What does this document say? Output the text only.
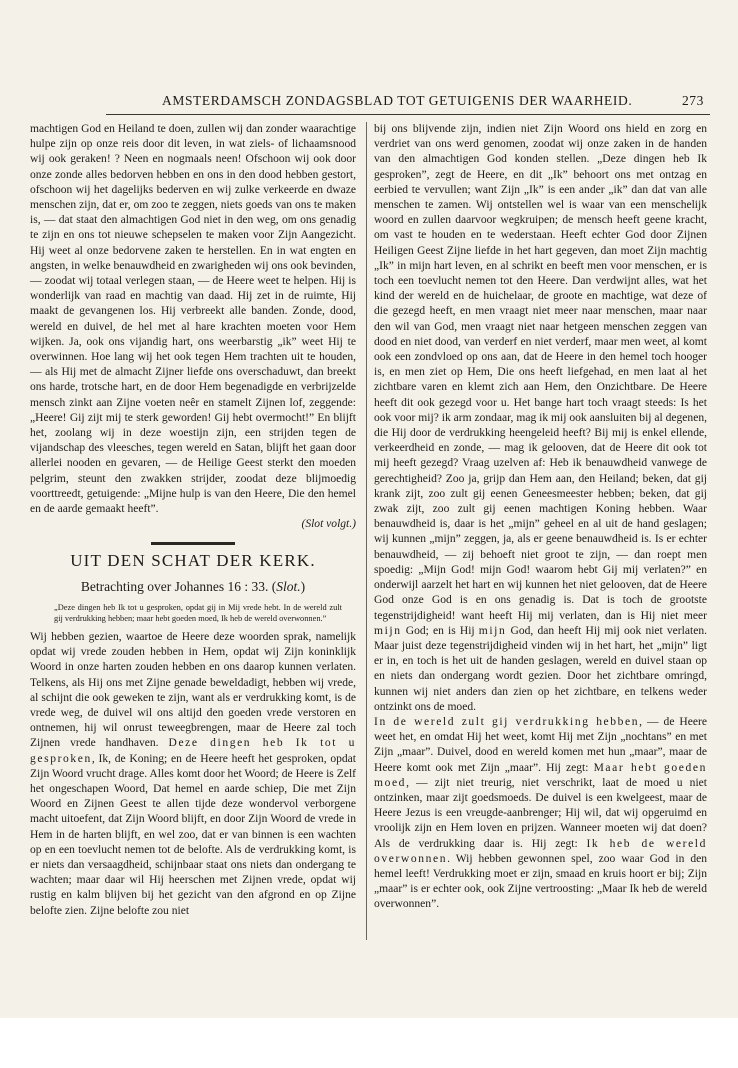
AMSTERDAMSCH ZONDAGSBLAD TOT GETUIGENIS DER WAARHEID.	273

machtigen God en Heiland te doen, zullen wij dan zonder waarachtige hulpe zijn op onze reis door dit leven, in wat ziels- of lichaamsnood wij ook geraken! ? Neen en nogmaals neen! Ofschoon wij ook door onze zonde alles bedorven hebben en ons in den dood hebben gestort, ofschoon wij het dagelijks bederven en wij zulke verkeerde en dwaze menschen zijn, dat er, om zoo te zeggen, niets goeds van ons te maken is, — dat staat den almachtigen God niet in den weg, om ons genadig te zijn en ons tot nieuwe schepselen te maken voor Zijn Aangezicht. Hij weet al onze bedorvene zaken te herstellen. En in wat engten en angsten, in welke benauwdheid en zwarigheden wij ons ook bevinden, — zoodat wij totaal verlegen staan, — de Heere weet te helpen. Hij is wonderlijk van raad en machtig van daad. Hij zet in de ruimte, Hij maakt de gevangenen los. Hij verbreekt alle banden. Zonde, dood, wereld en duivel, de hel met al hare krachten moeten voor Hem wijken. Ja, ook ons vijandig hart, ons weerbarstig „ik” weet Hij te overwinnen. Hoe lang wij het ook tegen Hem trachten uit te houden, — als Hij met de almacht Zijner liefde ons overschaduwt, dan breekt ons harde, trotsche hart, en de door Hem begenadigde en verbrijzelde mensch zinkt aan Zijne voeten neêr en stamelt Zijnen lof, zeggende: „Heere! Gij zijt mij te sterk geworden! Gij hebt overmocht!” En blijft het, zoolang wij in deze woestijn zijn, een strijden tegen de vijandschap des vleesches, tegen wereld en Satan, blijft het gaan door allerlei nooden en gevaren, — de Heilige Geest sterkt den moeden pelgrim, steunt den zwakken strijder, zoodat deze blijmoedig voorttreedt, getuigende: „Mijne hulp is van den Heere, Die den hemel en de aarde gemaakt heeft”.

(Slot volgt.)
UIT DEN SCHAT DER KERK.
Betrachting over Johannes 16 : 33. (Slot.)
„Deze dingen heb Ik tot u gesproken, opdat gij in Mij vrede hebt. In de wereld zult gij verdrukking hebben; maar hebt goeden moed, Ik heb de wereld overwonnen.”

Wij hebben gezien, waartoe de Heere deze woorden sprak, namelijk opdat wij vrede zouden hebben in Hem, opdat wij Zijn koninklijk Woord in onze harten zouden hebben en ons daarop kunnen verlaten. Telkens, als Hij ons met Zijne genade beweldadigt, hebben wij vrede, al schijnt die ook geweken te zijn, want als er verdrukking komt, is de vrede weg, de duivel wil ons altijd den goeden vrede verstoren en ontnemen, hij wil onrust teweegbrengen, maar de Heere zal toch Zijnen vrede handhaven. Deze dingen heb Ik tot u gesproken, Ik, de Koning; en de Heere heeft het gesproken, opdat Zijn Woord vrucht drage. Alles komt door het Woord; de Heere is Zelf het ongeschapen Woord, Dat hemel en aarde schiep, Die met Zijn Woord en Zijnen Geest te allen tijde deze wondervol verborgene macht uitoefent, dat Zijn Woord blijft, en door Zijn Woord de vrede in Hem in de harten blijft, en wel zoo, dat er van binnen is een wachten op en een toevlucht nemen tot de belofte. Als de verdrukking komt, is er niets dan versaagdheid, schijnbaar staat ons niets dan ondergang te wachten; maar daar wil Hij heerschen met Zijnen vrede, opdat wij rustig en kalm blijven bij het gezicht van den afgrond en op Zijne belofte zien. Zijne belofte zou niet

bij ons blijvende zijn, indien niet Zijn Woord ons hield en zorg en verdriet van ons werd genomen, zoodat wij onze zaken in de handen van den almachtigen God konden stellen. „Deze dingen heb Ik gesproken”, zegt de Heere, en dit „Ik” behoort ons met ontzag en eerbied te vervullen; want Zijn „Ik” is een ander „ik” dan dat van alle menschen te zamen. Wij ontstellen wel is waar van een menschelijk woord en zullen daarvoor wegkruipen; de mensch heeft geene kracht, om vast te houden en te wederstaan. Heeft echter God door Zijnen Heiligen Geest Zijne liefde in het hart gegeven, dan moet Zijn machtig „Ik” in mijn hart leven, en al schrikt en beeft men voor menschen, er is toch een toevlucht nemen tot den Heere. Dan verdwijnt alles, wat het kind der wereld en de huichelaar, de groote en machtige, wat deze of die gezegd heeft, en men vraagt niet meer naar menschen, maar naar den wil van God, men vraagt niet naar hetgeen menschen zeggen van dood en niet dood, van verderf en niet verderf, maar men weet, al komt ook een zondvloed op ons aan, dat de Heere in den hemel toch hooger is, en men ziet op Hem, Die ons heeft liefgehad, en men laat al het zichtbare varen en klemt zich aan Hem, den Onzichtbare. De Heere heeft dit ook gezegd voor u. Het bange hart toch vraagt steeds: Is het ook voor mij? ik arm zondaar, mag ik mij ook aansluiten bij al degenen, die Hij door de verdrukking heengeleid heeft? Bij mij is enkel ellende, verkeerdheid en zonde, — mag ik gelooven, dat de Heere dit ook tot mij heeft gezegd? Vraag uzelven af: Heb ik benauwdheid vanwege de gerechtigheid? Zoo ja, grijp dan Hem aan, den Heiland; beken, dat gij krank zijt, zoo zult gij eenen Geneesmeester hebben; beken, dat gij zwak zijt, zoo zult gij eenen machtigen Koning hebben. Waar benauwdheid is, daar is het „mijn” geheel en al uit de hand geslagen; wij kunnen „mijn” zeggen, ja, als er geene benauwdheid is. Is er echter benauwdheid, — zij behoeft niet groot te zijn, — dan roept men spoedig: „Mijn God! mijn God! waarom hebt Gij mij verlaten?” en onderwijl aarzelt het hart en wij kunnen het niet gelooven, dat de Heere God onze God is en ons genadig is. Dat is toch de grootste tegenstrijdigheid! want heeft Hij mij verlaten, dan is Hij niet meer mijn God; en is Hij mijn God, dan heeft Hij mij ook niet verlaten. Maar juist deze tegenstrijdigheid vinden wij in het hart, het „mijn” ligt er in, en toch is het uit de handen geslagen, wereld en duivel staan op en niets dan ondergang wordt gezien. Door het zichtbare omringd, kunnen wij niet anders dan zien op het zichtbare, en telkens weder ontzinkt ons de moed.

In de wereld zult gij verdrukking hebben, — de Heere weet het, en omdat Hij het weet, komt Hij met Zijn „nochtans” en met Zijn „maar”. Duivel, dood en wereld komen met hun „maar”, maar de Heere komt ook met Zijn „maar”. Hij zegt: Maar hebt goeden moed, — zijt niet treurig, niet verschrikt, laat de moed u niet ontzinken, maar zijt goedsmoeds. De duivel is een kwelgeest, maar de Heere Jezus is een vreugde-aanbrenger; Hij wil, dat wij opgeruimd en vroolijk zijn en Hem loven en prijzen. Wanneer moeten wij dat doen? Als de verdrukking daar is. Hij zegt: Ik heb de wereld overwonnen. Wij hebben gewonnen spel, zoo waar God in den hemel leeft! Verdrukking moet er zijn, smaad en kruis hoort er bij; Zijn „maar” is er echter ook, ook Zijne vertroosting: „Maar Ik heb de wereld overwonnen”.
